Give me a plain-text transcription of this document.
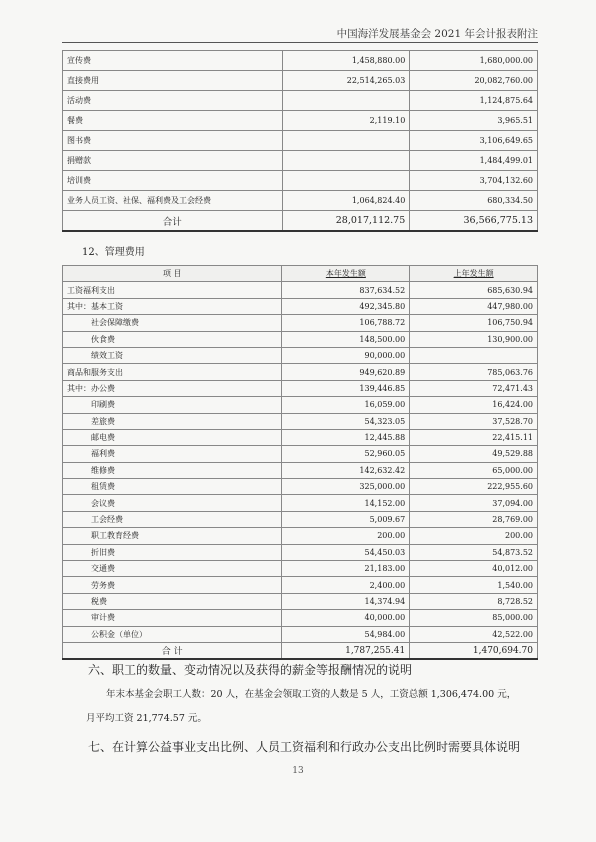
中国海洋发展基金会 2021 年会计报表附注
宣传费	1,458,880.00	1,680,000.00
直接费用	22,514,265.03	20,082,760.00
活动费		1,124,875.64
餐费	2,119.10	3,965.51
图书费		3,106,649.65
捐赠款		1,484,499.01
培训费		3,704,132.60
业务人员工资、社保、福利费及工会经费	1,064,824.40	680,334.50
合计	28,017,112.75	36,566,775.13
12、管理费用
项 目	本年发生额	上年发生额
工资福利支出	837,634.52	685,630.94
其中：基本工资	492,345.80	447,980.00
社会保障缴费	106,788.72	106,750.94
伙食费	148,500.00	130,900.00
绩效工资	90,000.00	
商品和服务支出	949,620.89	785,063.76
其中：办公费	139,446.85	72,471.43
印刷费	16,059.00	16,424.00
差旅费	54,323.05	37,528.70
邮电费	12,445.88	22,415.11
福利费	52,960.05	49,529.88
维修费	142,632.42	65,000.00
租赁费	325,000.00	222,955.60
会议费	14,152.00	37,094.00
工会经费	5,009.67	28,769.00
职工教育经费	200.00	200.00
折旧费	54,450.03	54,873.52
交通费	21,183.00	40,012.00
劳务费	2,400.00	1,540.00
税费	14,374.94	8,728.52
审计费	40,000.00	85,000.00
公积金（单位）	54,984.00	42,522.00
合 计	1,787,255.41	1,470,694.70
六、职工的数量、变动情况以及获得的薪金等报酬情况的说明
年末本基金会职工人数：20 人，在基金会领取工资的人数是 5 人，工资总额 1,306,474.00 元，
月平均工资 21,774.57 元。
七、在计算公益事业支出比例、人员工资福利和行政办公支出比例时需要具体说明
13
